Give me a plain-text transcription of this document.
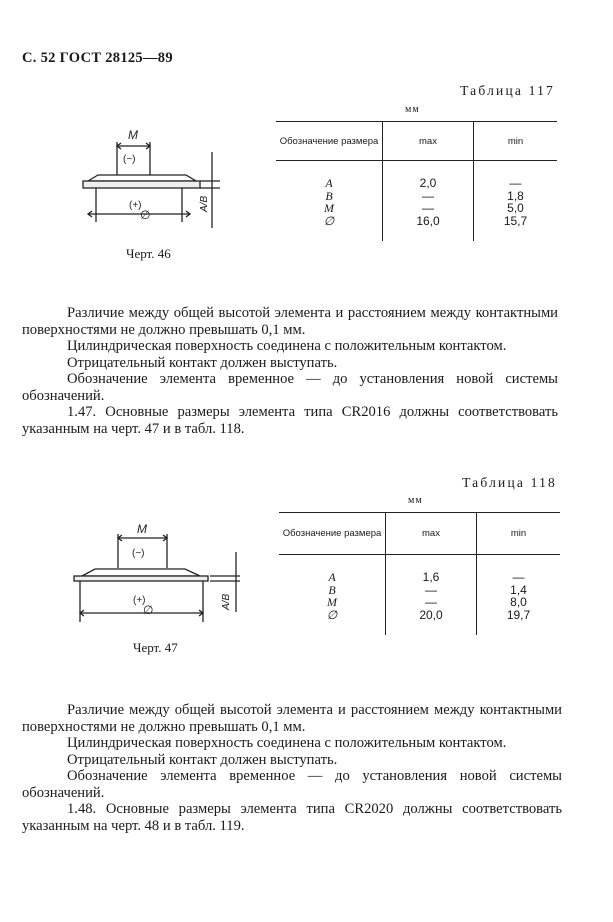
С. 52 ГОСТ 28125—89
Таблица 117
мм
Обозначение размера	max	min
A	2,0	—
B	—	1,8
M	—	5,0
∅	16,0	15,7
M
(−)
(+)
∅
A/B
Черт. 46
Различие между общей высотой элемента и расстоянием между контактными поверхностями не должно превышать 0,1 мм.
Цилиндрическая поверхность соединена с положительным контактом.
Отрицательный контакт должен выступать.
Обозначение элемента временное — до установления новой системы обозначений.
1.47. Основные размеры элемента типа CR2016 должны соответствовать указанным на черт. 47 и в табл. 118.
Таблица 118
мм
Обозначение размера	max	min
A	1,6	—
B	—	1,4
M	—	8,0
∅	20,0	19,7
M
(−)
(+)
∅	A/B
Черт. 47
Различие между общей высотой элемента и расстоянием между контактными поверхностями не должно превышать 0,1 мм.
Цилиндрическая поверхность соединена с положительным контактом.
Отрицательный контакт должен выступать.
Обозначение элемента временное — до установления новой системы обозначений.
1.48. Основные размеры элемента типа CR2020 должны соответствовать указанным на черт. 48 и в табл. 119.
